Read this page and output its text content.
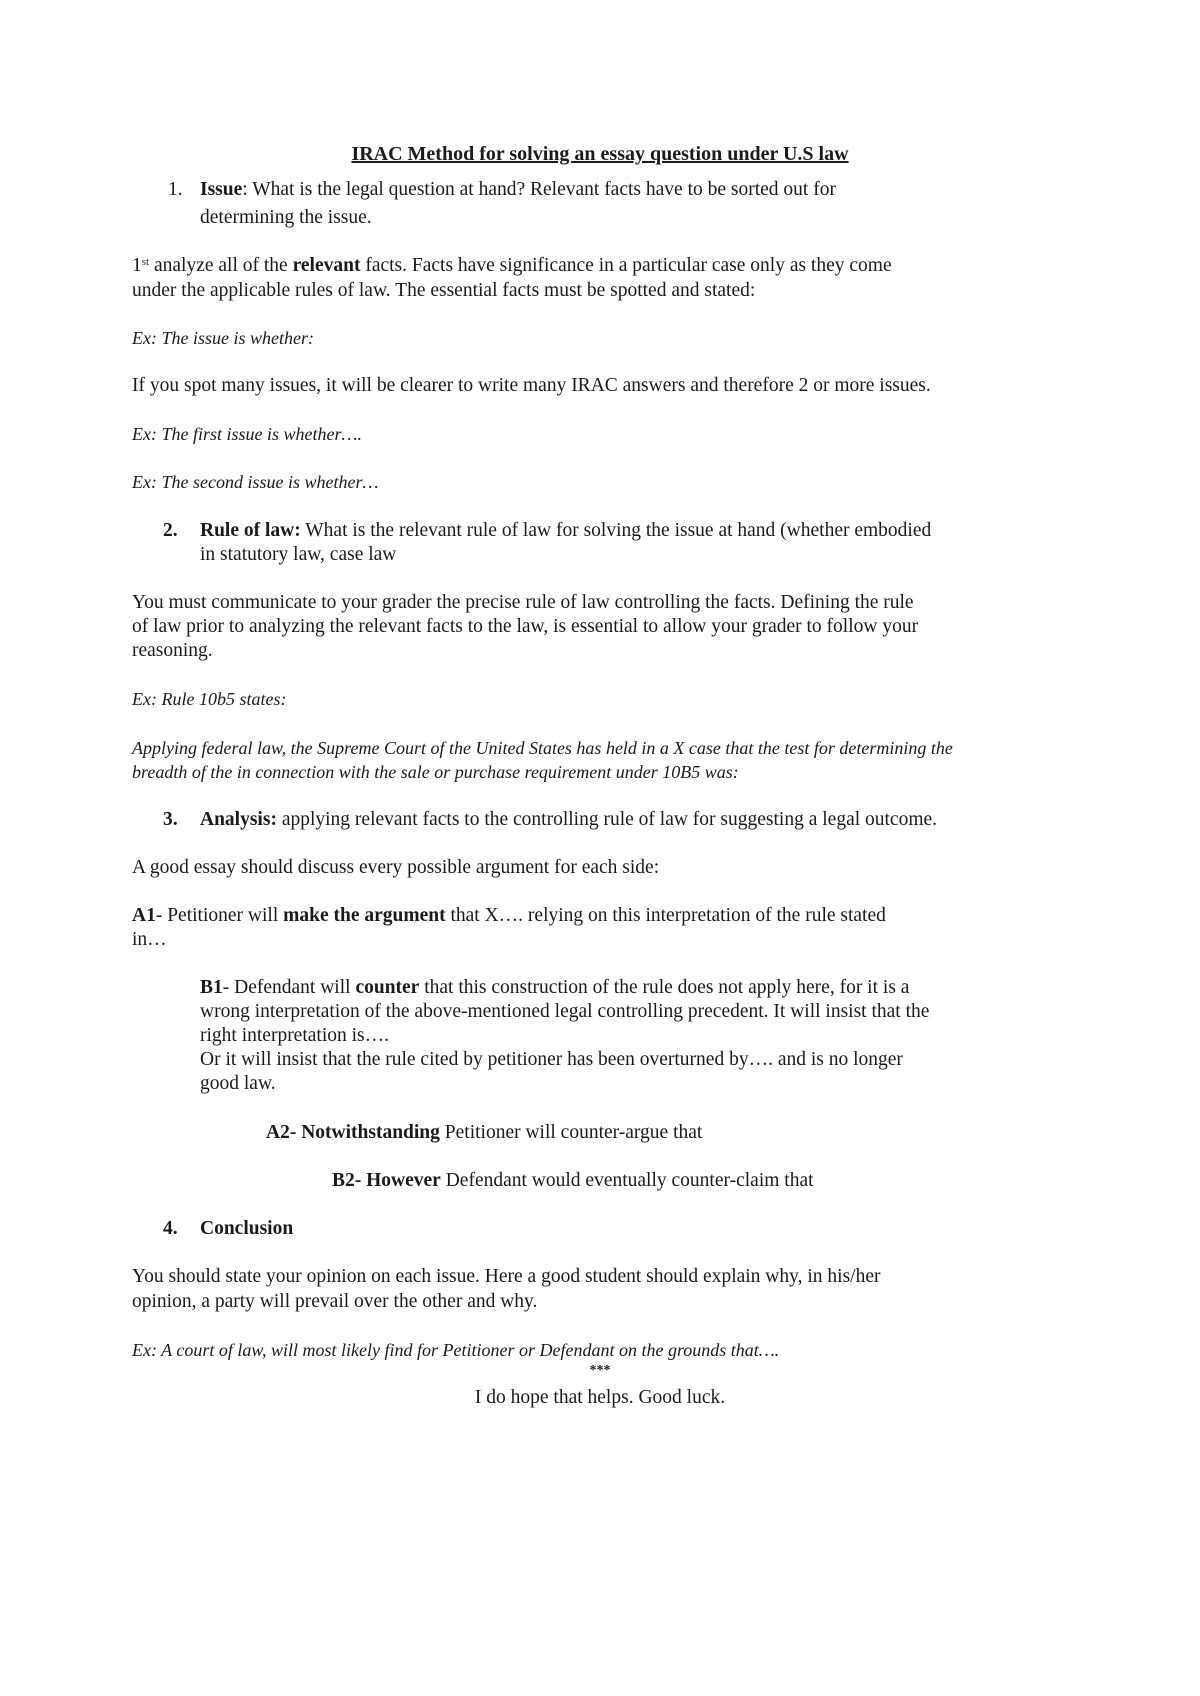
IRAC Method for solving an essay question under U.S law
1. Issue: What is the legal question at hand? Relevant facts have to be sorted out for
determining the issue.
1st analyze all of the relevant facts. Facts have significance in a particular case only as they come
under the applicable rules of law. The essential facts must be spotted and stated:
Ex: The issue is whether:
If you spot many issues, it will be clearer to write many IRAC answers and therefore 2 or more issues.
Ex: The first issue is whether….
Ex: The second issue is whether…
2. Rule of law: What is the relevant rule of law for solving the issue at hand (whether embodied
in statutory law, case law
You must communicate to your grader the precise rule of law controlling the facts. Defining the rule
of law prior to analyzing the relevant facts to the law, is essential to allow your grader to follow your
reasoning.
Ex: Rule 10b5 states:
Applying federal law, the Supreme Court of the United States has held in a X case that the test for determining the
breadth of the in connection with the sale or purchase requirement under 10B5 was:
3. Analysis: applying relevant facts to the controlling rule of law for suggesting a legal outcome.
A good essay should discuss every possible argument for each side:
A1- Petitioner will make the argument that X…. relying on this interpretation of the rule stated
in…
B1- Defendant will counter that this construction of the rule does not apply here, for it is a
wrong interpretation of the above-mentioned legal controlling precedent. It will insist that the
right interpretation is….
Or it will insist that the rule cited by petitioner has been overturned by…. and is no longer
good law.
A2- Notwithstanding Petitioner will counter-argue that
B2- However Defendant would eventually counter-claim that
4. Conclusion
You should state your opinion on each issue. Here a good student should explain why, in his/her
opinion, a party will prevail over the other and why.
Ex: A court of law, will most likely find for Petitioner or Defendant on the grounds that….
***
I do hope that helps. Good luck.
